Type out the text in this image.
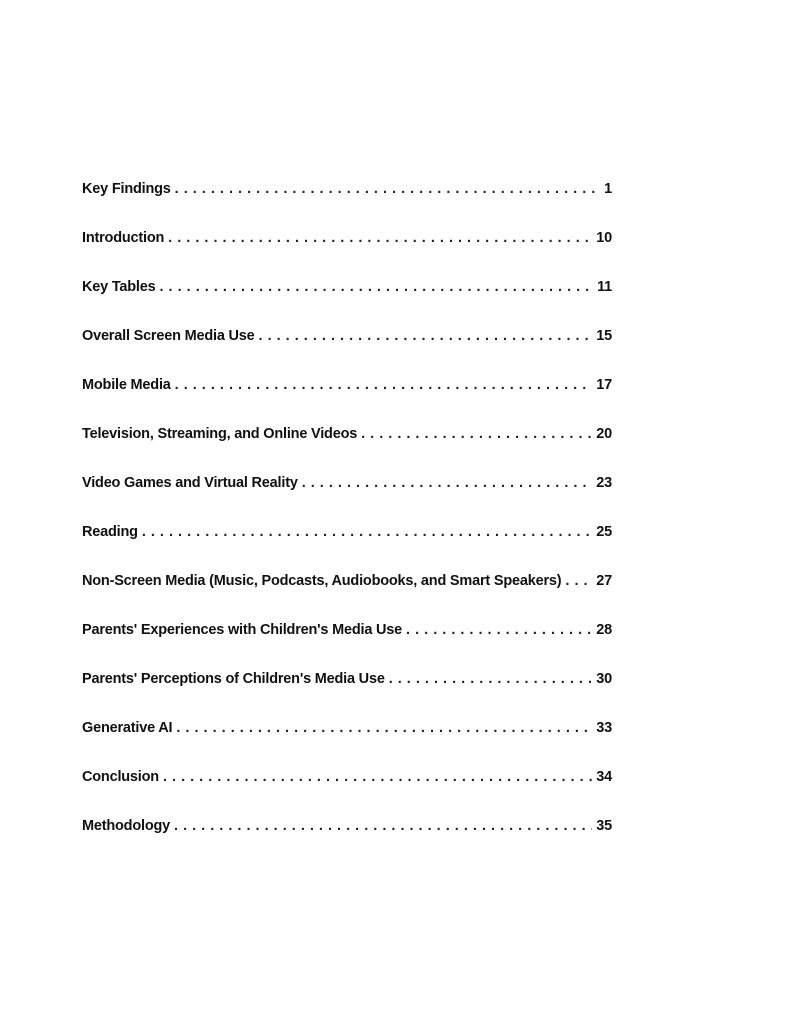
Key Findings . . .	1
Introduction . . .	10
Key Tables . . .	11
Overall Screen Media Use . . .	15
Mobile Media . . .	17
Television, Streaming, and Online Videos . . .	20
Video Games and Virtual Reality . . .	23
Reading . . .	25
Non-Screen Media (Music, Podcasts, Audiobooks, and Smart Speakers) . . . 27
Parents' Experiences with Children's Media Use . . .	28
Parents' Perceptions of Children's Media Use . . .	30
Generative AI . . .	33
Conclusion . . .	34
Methodology . . .	35
